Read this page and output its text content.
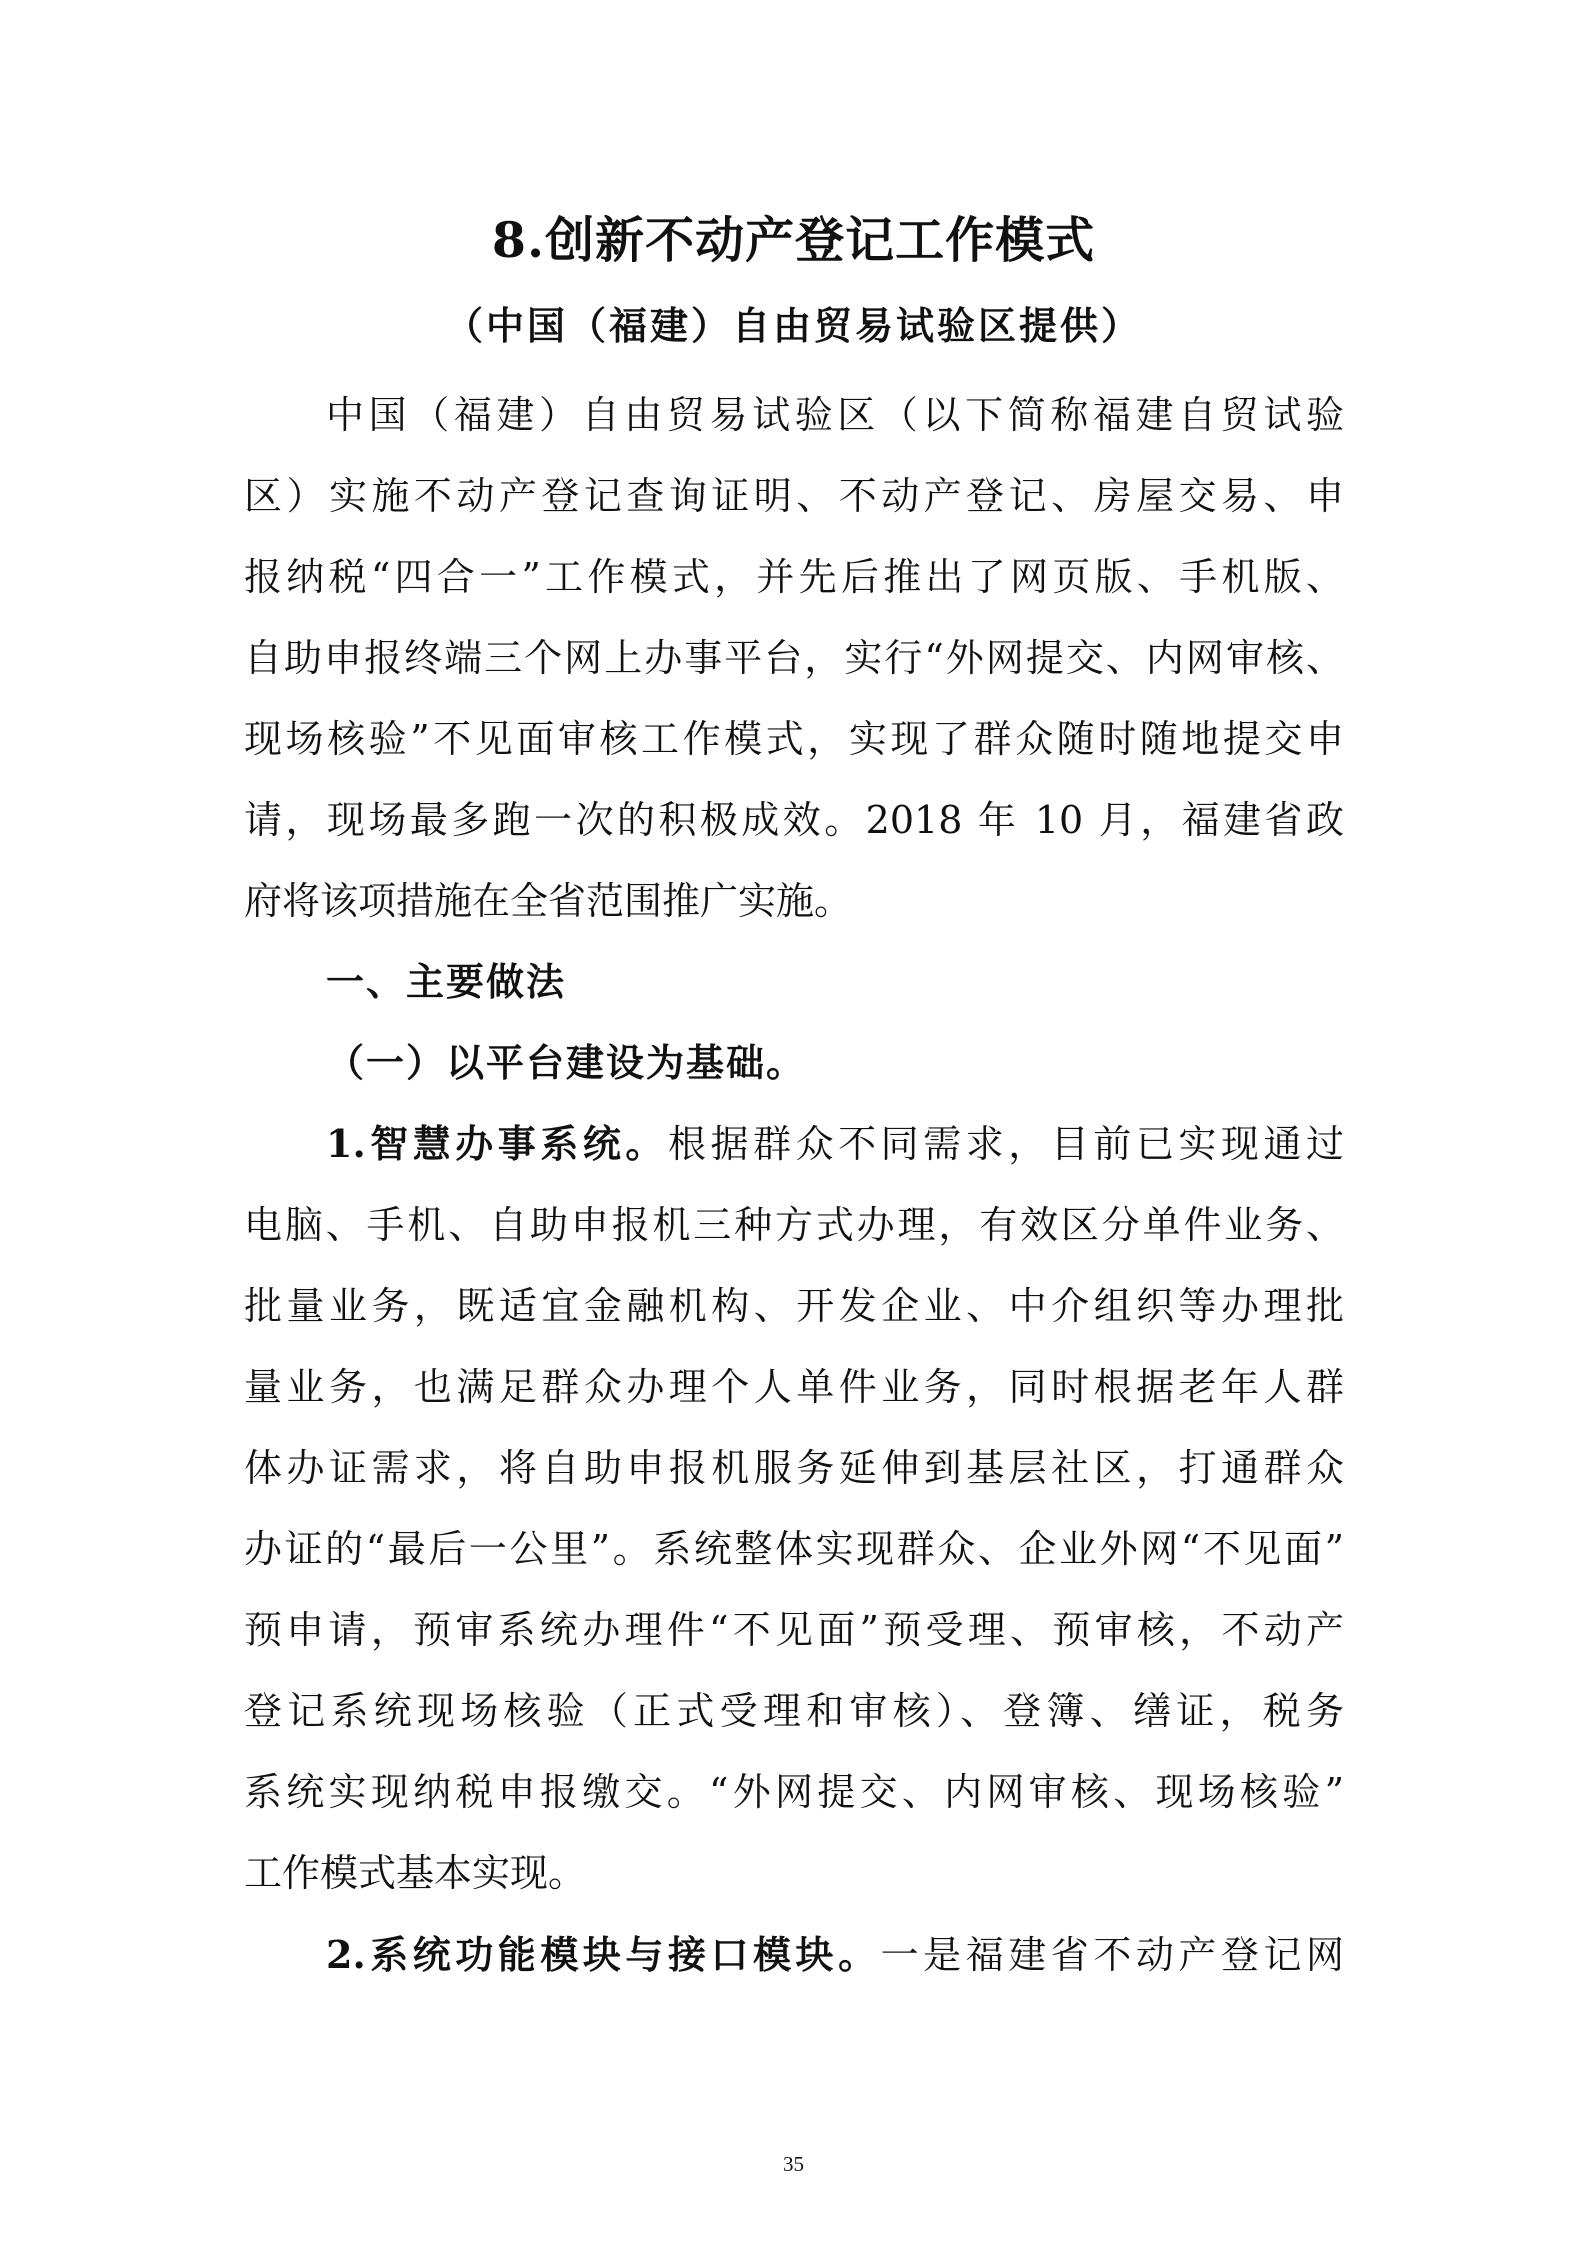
8.创新不动产登记工作模式
（中国（福建）自由贸易试验区提供）
中国（福建）自由贸易试验区（以下简称福建自贸试验
区）实施不动产登记查询证明、不动产登记、房屋交易、申
报纳税“四合一”工作模式，并先后推出了网页版、手机版、
自助申报终端三个网上办事平台，实行“外网提交、内网审核、
现场核验”不见面审核工作模式，实现了群众随时随地提交申
请，现场最多跑一次的积极成效。2018 年 10 月，福建省政
府将该项措施在全省范围推广实施。
一、主要做法
（一）以平台建设为基础。
1.智慧办事系统。根据群众不同需求，目前已实现通过
电脑、手机、自助申报机三种方式办理，有效区分单件业务、
批量业务，既适宜金融机构、开发企业、中介组织等办理批
量业务，也满足群众办理个人单件业务，同时根据老年人群
体办证需求，将自助申报机服务延伸到基层社区，打通群众
办证的“最后一公里”。系统整体实现群众、企业外网“不见面”
预申请，预审系统办理件“不见面”预受理、预审核，不动产
登记系统现场核验（正式受理和审核）、登簿、缮证，税务
系统实现纳税申报缴交。“外网提交、内网审核、现场核验”
工作模式基本实现。
2.系统功能模块与接口模块。一是福建省不动产登记网
35
